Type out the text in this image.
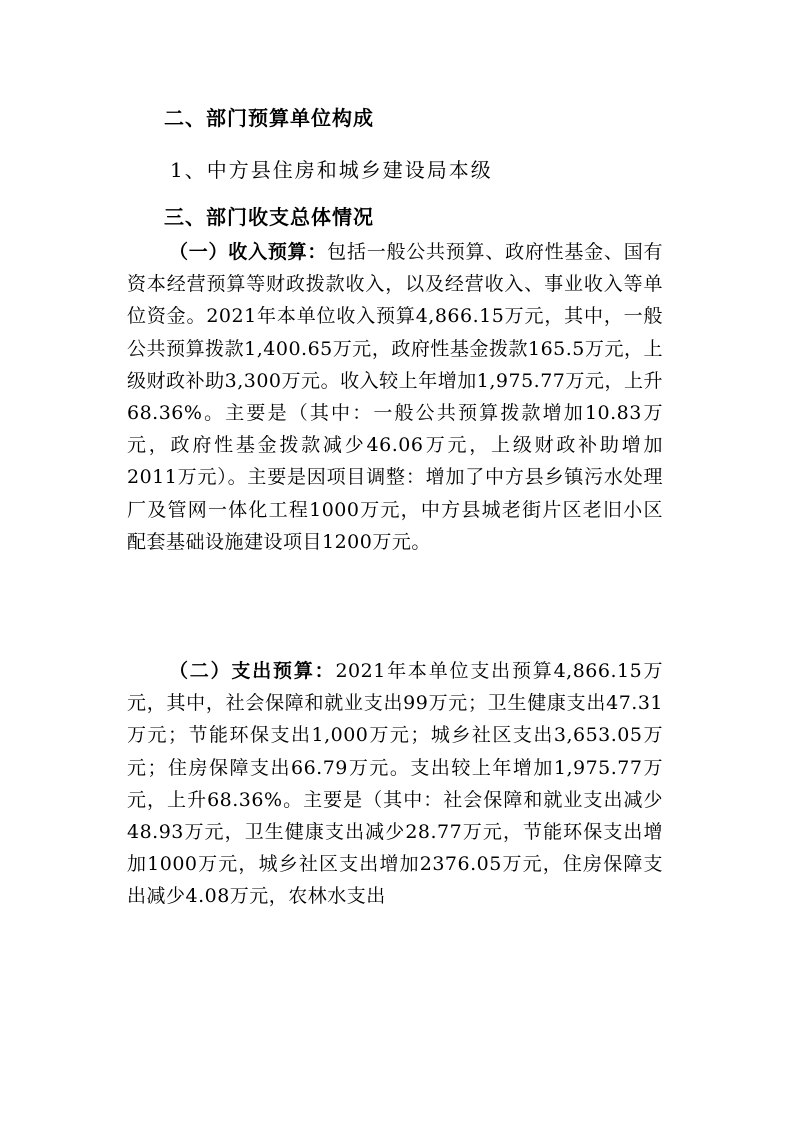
二、部门预算单位构成
1、中方县住房和城乡建设局本级
三、部门收支总体情况
（一）收入预算：包括一般公共预算、政府性基金、国有资本经营预算等财政拨款收入，以及经营收入、事业收入等单位资金。2021年本单位收入预算4,866.15万元，其中，一般公共预算拨款1,400.65万元，政府性基金拨款165.5万元，上级财政补助3,300万元。收入较上年增加1,975.77万元，上升68.36%。主要是（其中：一般公共预算拨款增加10.83万元，政府性基金拨款减少46.06万元，上级财政补助增加2011万元）。主要是因项目调整：增加了中方县乡镇污水处理厂及管网一体化工程1000万元，中方县城老街片区老旧小区配套基础设施建设项目1200万元。
（二）支出预算：2021年本单位支出预算4,866.15万元，其中，社会保障和就业支出99万元；卫生健康支出47.31万元；节能环保支出1,000万元；城乡社区支出3,653.05万元；住房保障支出66.79万元。支出较上年增加1,975.77万元，上升68.36%。主要是（其中：社会保障和就业支出减少48.93万元，卫生健康支出减少28.77万元，节能环保支出增加1000万元，城乡社区支出增加2376.05万元，住房保障支出减少4.08万元，农林水支出
